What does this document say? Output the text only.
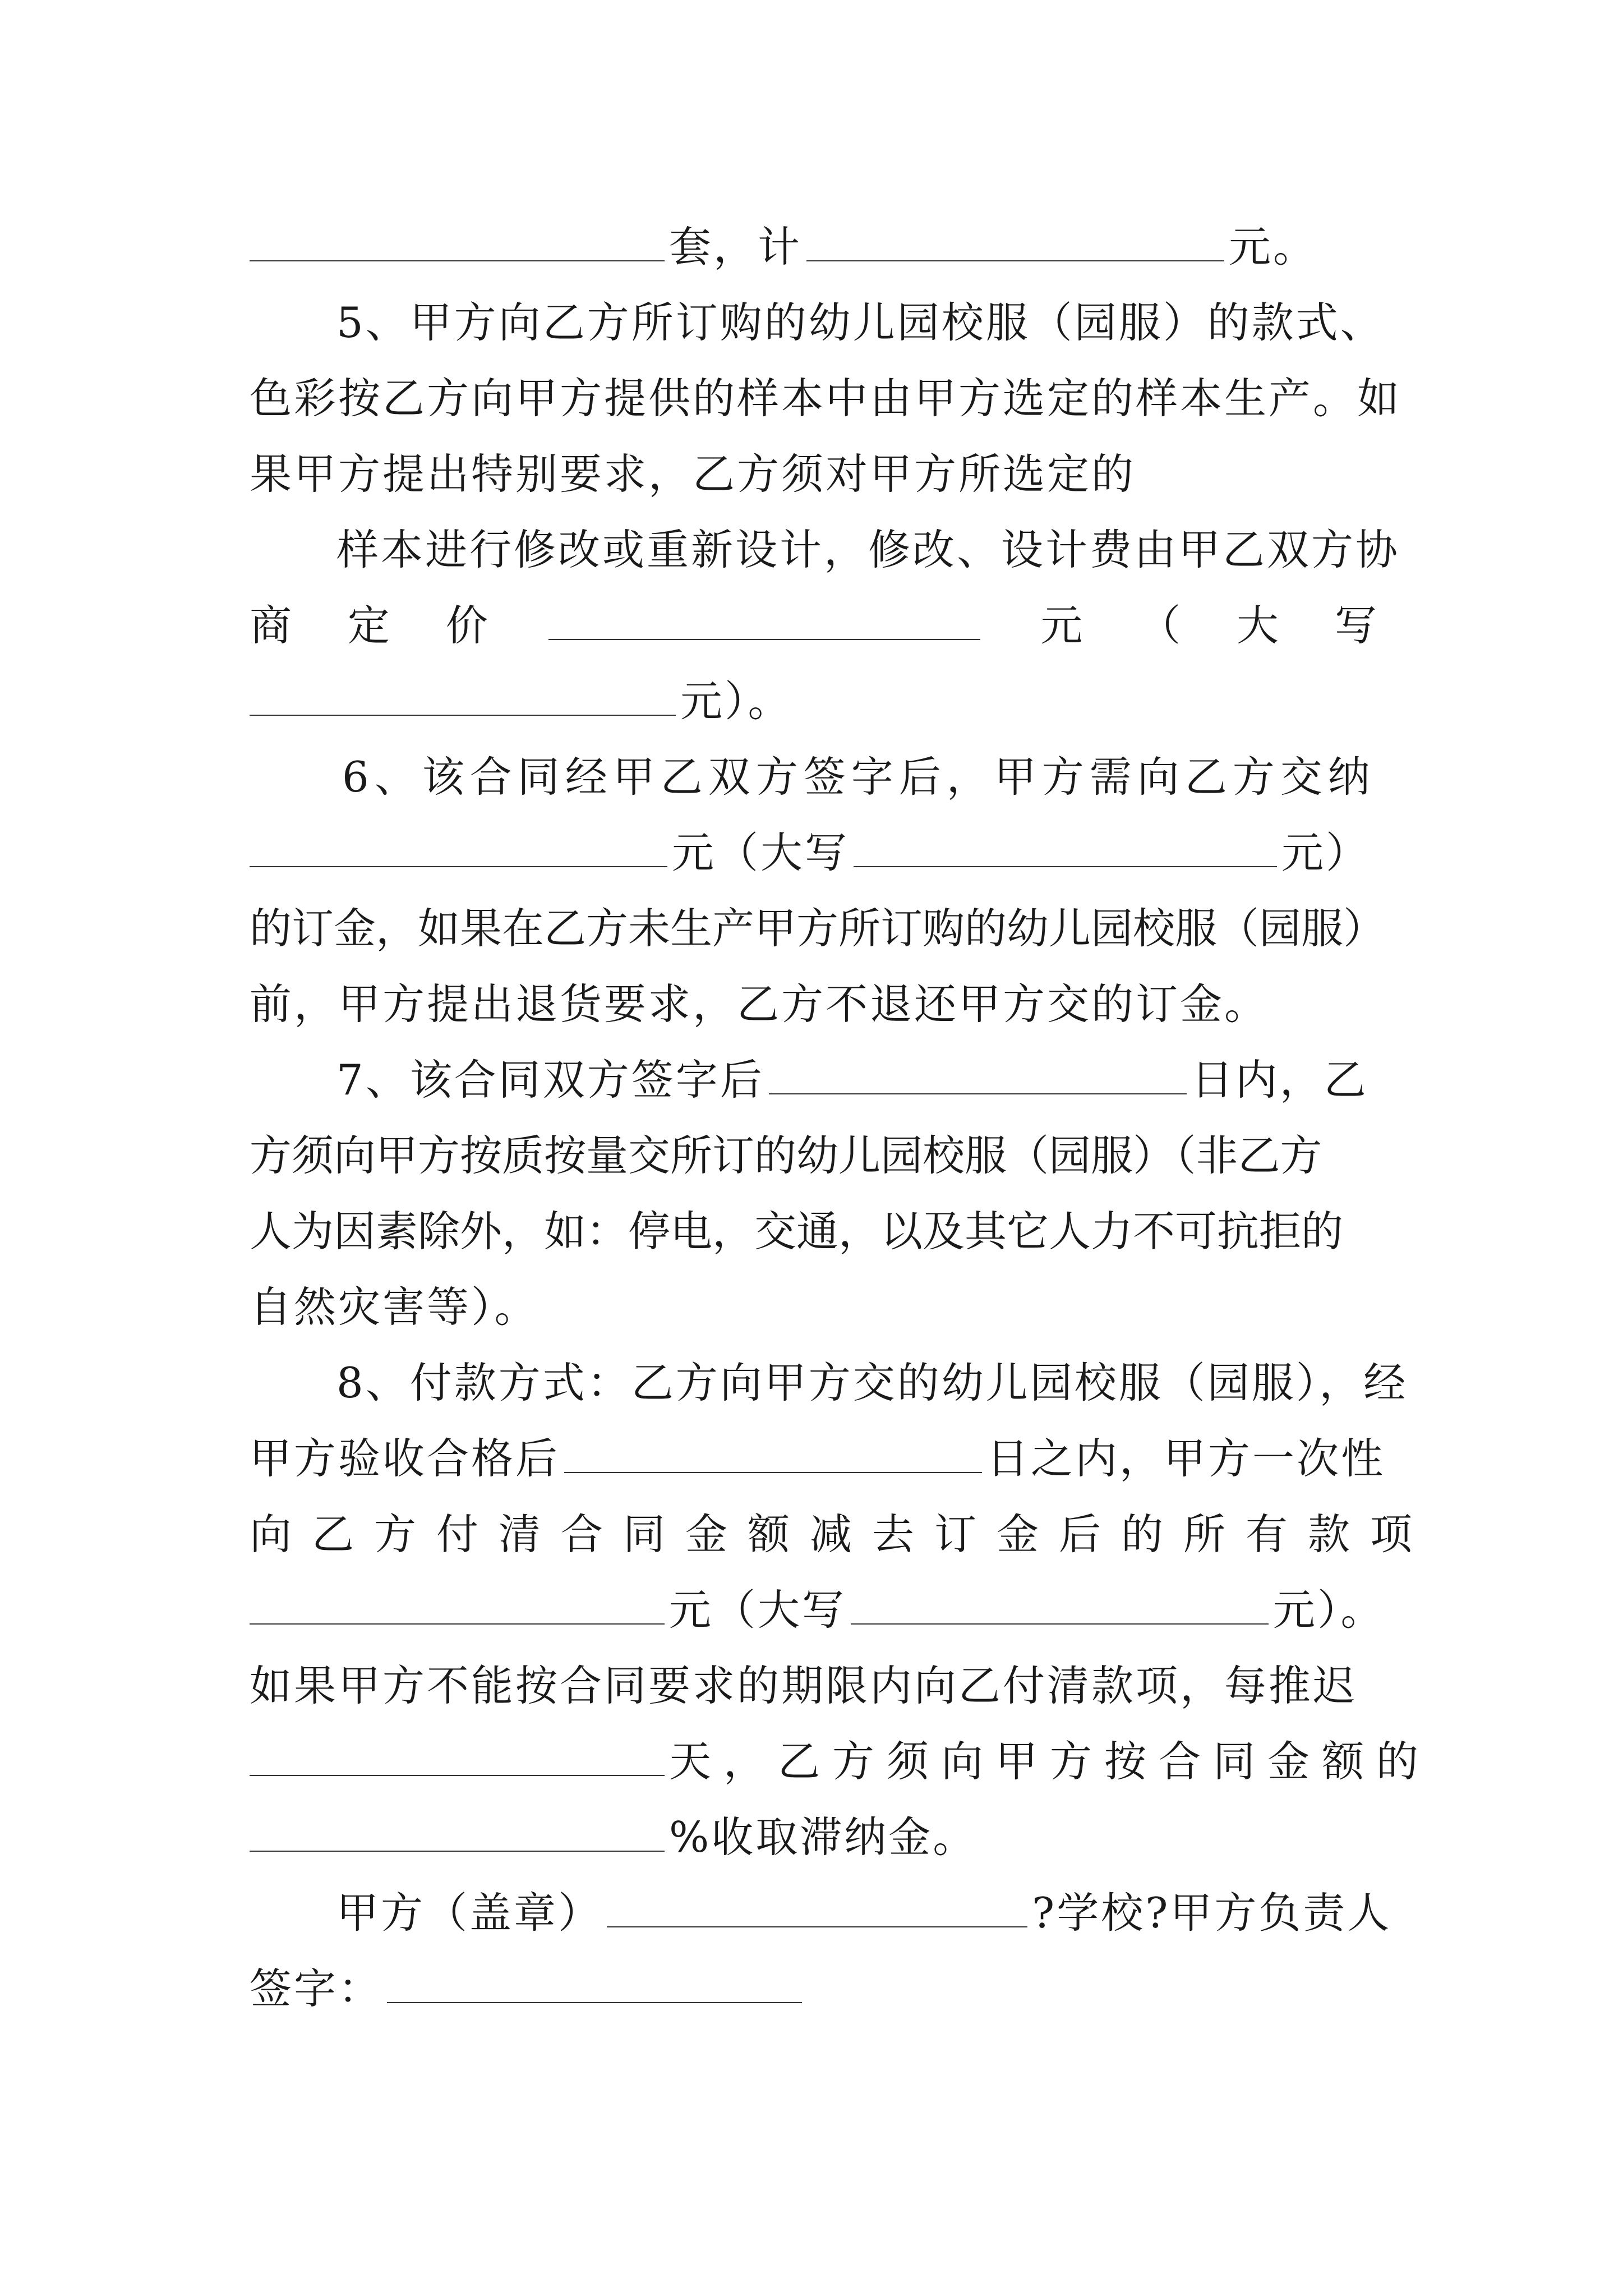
套，计	元。
5、甲方向乙方所订购的幼儿园校服（园服）的款式、
色彩按乙方向甲方提供的样本中由甲方选定的样本生产。如
果甲方提出特别要求，乙方须对甲方所选定的
样本进行修改或重新设计，修改、设计费由甲乙双方协
商 定 价	元 （ 大 写
元）。
6、该合同经甲乙双方签字后，甲方需向乙方交纳
元（大写	元）
的订金，如果在乙方未生产甲方所订购的幼儿园校服（园服）
前，甲方提出退货要求，乙方不退还甲方交的订金。
7、该合同双方签字后	日内，乙
方须向甲方按质按量交所订的幼儿园校服（园服）（非乙方
人为因素除外，如：停电，交通，以及其它人力不可抗拒的
自然灾害等）。
8、付款方式：乙方向甲方交的幼儿园校服（园服），经
甲方验收合格后	日之内，甲方一次性
向乙方付清合同金额减去订金后的所有款项
元（大写	元）。
如果甲方不能按合同要求的期限内向乙付清款项，每推迟
天，乙方须向甲方按合同金额的
%收取滞纳金。
甲方（盖章）	?学校?甲方负责人
签字：
